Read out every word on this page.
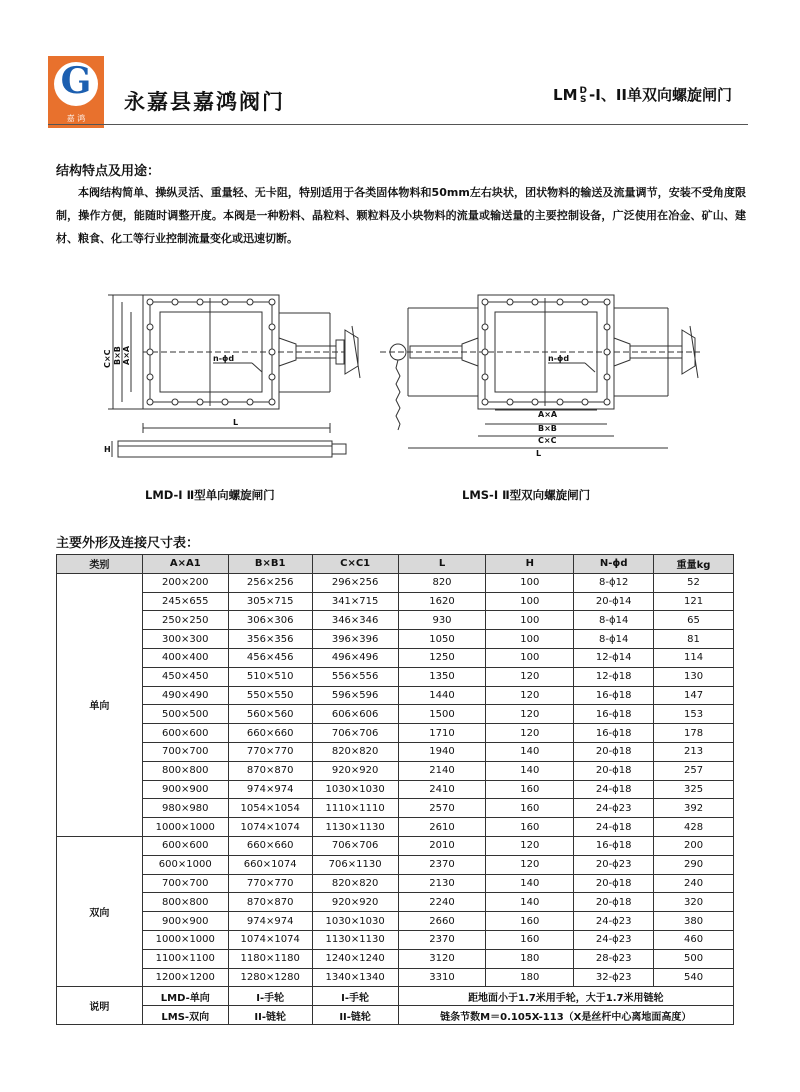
G
嘉 鸿
永嘉县嘉鸿阀门	LM D
S -I、II单双向螺旋闸门
结构特点及用途：
本阀结构简单、操纵灵活、重量轻、无卡阻，特别适用于各类固体物料和50mm左右块状，团状物料的输送及流量调节，安装不受角度限制，操作方便，能随时调整开度。本阀是一种粉料、晶粒料、颗粒料及小块物料的流量或输送量的主要控制设备，广泛使用在冶金、矿山、建材、粮食、化工等行业控制流量变化或迅速切断。
C×C B×B A×A
L
H
n-ϕd	n-ϕd
A×A
B×B
C×C
L
LMD-Ⅰ Ⅱ型单向螺旋闸门	LMS-Ⅰ Ⅱ型双向螺旋闸门
主要外形及连接尺寸表：
类别	A×A1	B×B1	C×C1	L	H	N-ϕd	重量kg
单向	200×200	256×256	296×256	820	100	8-ϕ12	52
	245×655	305×715	341×715	1620	100	20-ϕ14	121
	250×250	306×306	346×346	930	100	8-ϕ14	65
	300×300	356×356	396×396	1050	100	8-ϕ14	81
	400×400	456×456	496×496	1250	100	12-ϕ14	114
	450×450	510×510	556×556	1350	120	12-ϕ18	130
	490×490	550×550	596×596	1440	120	16-ϕ18	147
	500×500	560×560	606×606	1500	120	16-ϕ18	153
	600×600	660×660	706×706	1710	120	16-ϕ18	178
	700×700	770×770	820×820	1940	140	20-ϕ18	213
	800×800	870×870	920×920	2140	140	20-ϕ18	257
	900×900	974×974	1030×1030	2410	160	24-ϕ18	325
	980×980	1054×1054	1110×1110	2570	160	24-ϕ23	392
	1000×1000	1074×1074	1130×1130	2610	160	24-ϕ18	428
双向	600×600	660×660	706×706	2010	120	16-ϕ18	200
	600×1000	660×1074	706×1130	2370	120	20-ϕ23	290
	700×700	770×770	820×820	2130	140	20-ϕ18	240
	800×800	870×870	920×920	2240	140	20-ϕ18	320
	900×900	974×974	1030×1030	2660	160	24-ϕ23	380
	1000×1000	1074×1074	1130×1130	2370	160	24-ϕ23	460
	1100×1100	1180×1180	1240×1240	3120	180	28-ϕ23	500
	1200×1200	1280×1280	1340×1340	3310	180	32-ϕ23	540
说明	LMD-单向	I-手轮	I-手轮	距地面小于1.7米用手轮，大于1.7米用链轮			
	LMS-双向	II-链轮	II-链轮	链条节数M＝0.105X-113（X是丝杆中心离地面高度）			
